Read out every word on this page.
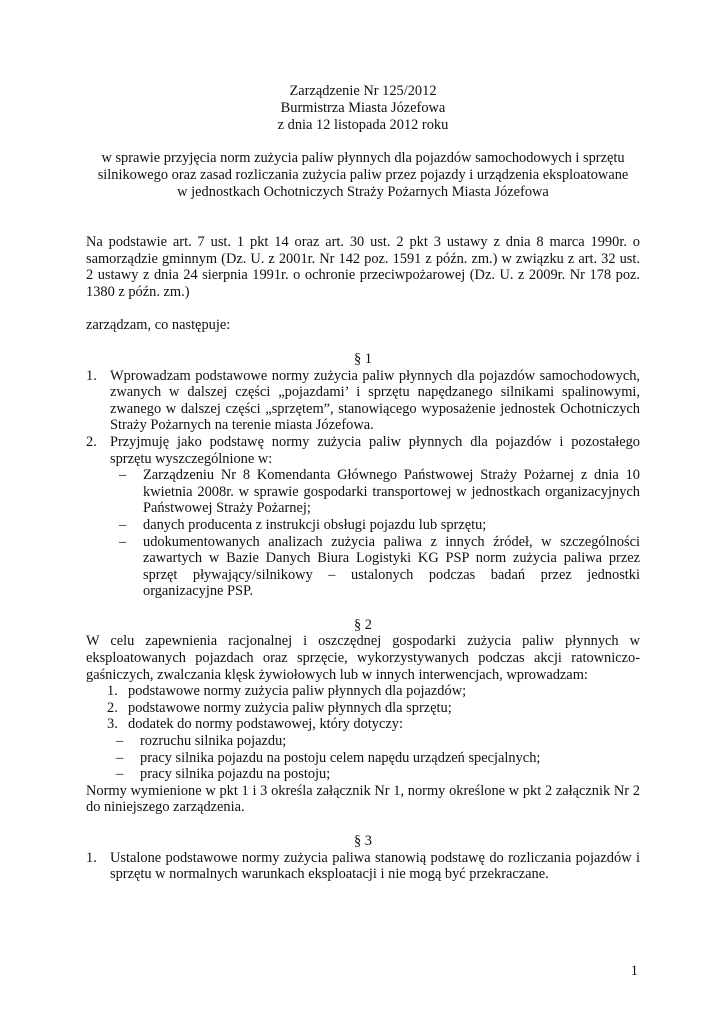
Zarządzenie Nr 125/2012

Burmistrza Miasta Józefowa

z dnia 12 listopada 2012 roku

w sprawie przyjęcia norm zużycia paliw płynnych dla pojazdów samochodowych i sprzętu

silnikowego oraz zasad rozliczania zużycia paliw przez pojazdy i urządzenia eksploatowane

w jednostkach Ochotniczych Straży Pożarnych Miasta Józefowa

Na podstawie art. 7 ust. 1 pkt 14 oraz art. 30 ust. 2 pkt 3 ustawy z dnia 8 marca 1990r. o samorządzie gminnym (Dz. U. z 2001r. Nr 142 poz. 1591 z późn. zm.) w związku z art. 32 ust. 2 ustawy z dnia 24 sierpnia 1991r. o ochronie przeciwpożarowej (Dz. U. z 2009r. Nr 178 poz. 1380 z późn. zm.)

zarządzam, co następuje:

§ 1

1. Wprowadzam podstawowe normy zużycia paliw płynnych dla pojazdów samochodowych, zwanych w dalszej części „pojazdami’ i sprzętu napędzanego silnikami spalinowymi, zwanego w dalszej części „sprzętem”, stanowiącego wyposażenie jednostek Ochotniczych Straży Pożarnych na terenie miasta Józefowa.
2. Przyjmuję jako podstawę normy zużycia paliw płynnych dla pojazdów i pozostałego sprzętu wyszczególnione w:
– Zarządzeniu Nr 8 Komendanta Głównego Państwowej Straży Pożarnej z dnia 10 kwietnia 2008r. w sprawie gospodarki transportowej w jednostkach organizacyjnych Państwowej Straży Pożarnej;
– danych producenta z instrukcji obsługi pojazdu lub sprzętu;
– udokumentowanych analizach zużycia paliwa z innych źródeł, w szczególności zawartych w Bazie Danych Biura Logistyki KG PSP norm zużycia paliwa przez sprzęt pływający/silnikowy – ustalonych podczas badań przez jednostki organizacyjne PSP.

§ 2

W celu zapewnienia racjonalnej i oszczędnej gospodarki zużycia paliw płynnych w eksploatowanych pojazdach oraz sprzęcie, wykorzystywanych podczas akcji ratowniczo-gaśniczych, zwalczania klęsk żywiołowych lub w innych interwencjach, wprowadzam:

1. podstawowe normy zużycia paliw płynnych dla pojazdów;
2. podstawowe normy zużycia paliw płynnych dla sprzętu;
3. dodatek do normy podstawowej, który dotyczy:
– rozruchu silnika pojazdu;
– pracy silnika pojazdu na postoju celem napędu urządzeń specjalnych;
– pracy silnika pojazdu na postoju;

Normy wymienione w pkt 1 i 3 określa załącznik Nr 1, normy określone w pkt 2 załącznik Nr 2 do niniejszego zarządzenia.

§ 3

1. Ustalone podstawowe normy zużycia paliwa stanowią podstawę do rozliczania pojazdów i sprzętu w normalnych warunkach eksploatacji i nie mogą być przekraczane.
1
